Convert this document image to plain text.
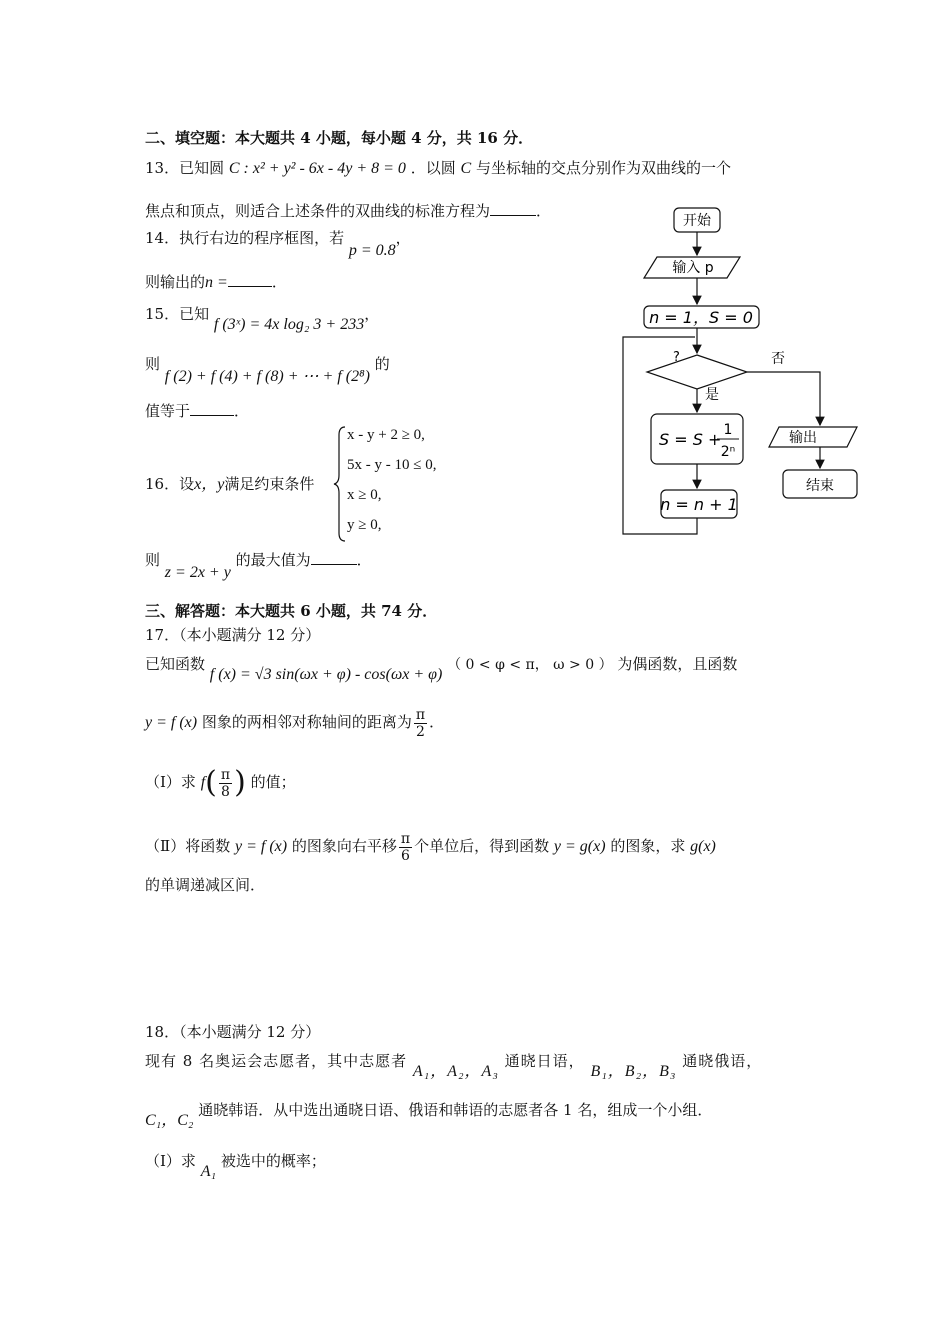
二、填空题：本大题共 4 小题，每小题 4 分，共 16 分．
13．已知圆 C : x² + y² - 6x - 4y + 8 = 0 ．以圆 C 与坐标轴的交点分别作为双曲线的一个
焦点和顶点，则适合上述条件的双曲线的标准方程为	．
14．执行右边的程序框图，若 p = 0.8，
则输出的n =	．
15．已知 f (3ˣ) = 4x log₂ 3 + 233，
则 f (2) + f (4) + f (8) + ⋯ + f (2⁸) 的
值等于	．
16．设x，y满足约束条件
x - y + 2 ≥ 0,
5x - y - 10 ≤ 0,
x ≥ 0,
y ≥ 0,
则 z = 2x + y 的最大值为	．
开始
输入 p
n = 1，S = 0
?	否
是
S = S + 1
2ⁿ
n = n + 1
输出
结束
三、解答题：本大题共 6 小题，共 74 分．
17．（本小题满分 12 分）
已知函数 f (x) = √3 sin(ωx + φ) - cos(ωx + φ) （ 0 < φ < π， ω > 0 ） 为偶函数，且函数
y = f (x) 图象的两相邻对称轴间的距离为 $\frac{\pi}{2}$ ．
（Ⅰ）求 $f( \frac{\pi}{8}$ ) 的值；
（Ⅱ）将函数 y = f (x) 的图象向右平移 $\frac{\pi}{6}$ 个单位后，得到函数 y = g(x) 的图象，求 g(x)
的单调递减区间．
18．（本小题满分 12 分）
现有 8 名奥运会志愿者，其中志愿者 A₁，A₂，A₃ 通晓日语， B₁，B₂，B₃ 通晓俄语，
C₁，C₂ 通晓韩语．从中选出通晓日语、俄语和韩语的志愿者各 1 名，组成一个小组．
（Ⅰ）求 A₁ 被选中的概率；
